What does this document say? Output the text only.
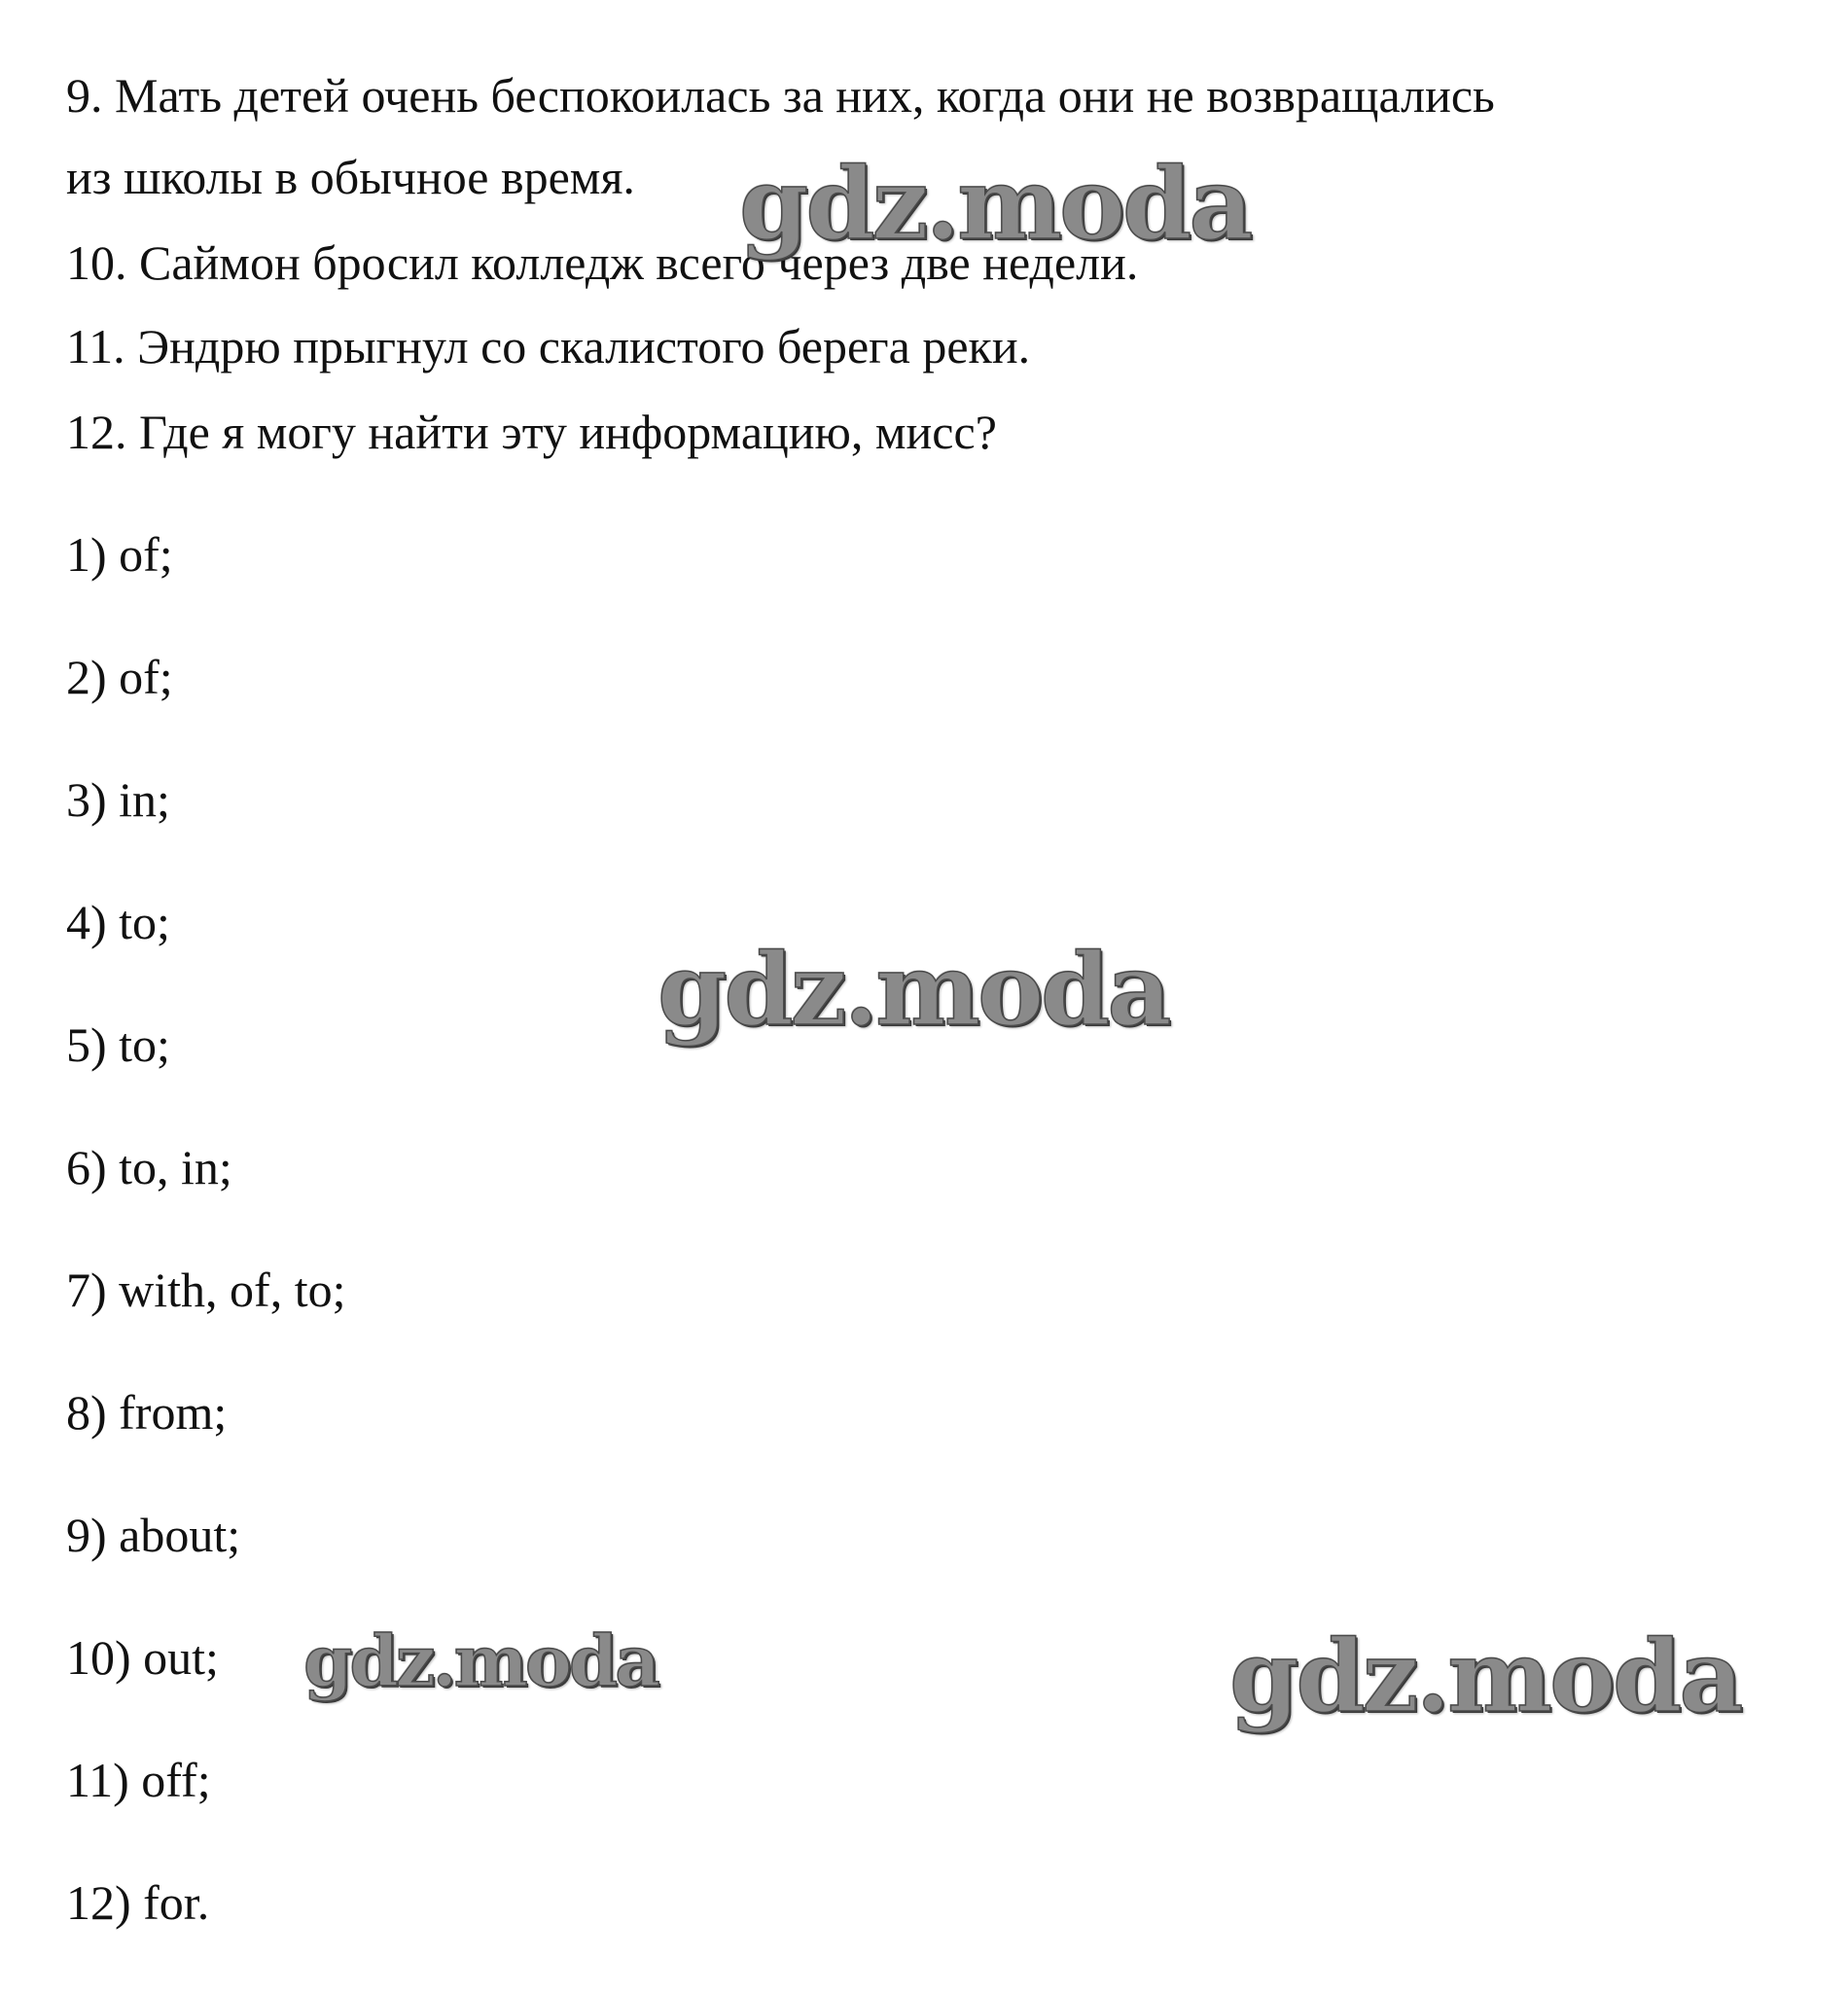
9. Мать детей очень беспокоилась за них, когда они не возвращались
из школы в обычное время.
10. Саймон бросил колледж всего через две недели.
11. Эндрю прыгнул со скалистого берега реки.
12. Где я могу найти эту информацию, мисс?
1) of;
2) of;
3) in;
4) to;
5) to;
6) to, in;
7) with, of, to;
8) from;
9) about;
10) out;
11) off;
12) for.
gdz.moda
gdz.moda
gdz.moda	gdz.moda
